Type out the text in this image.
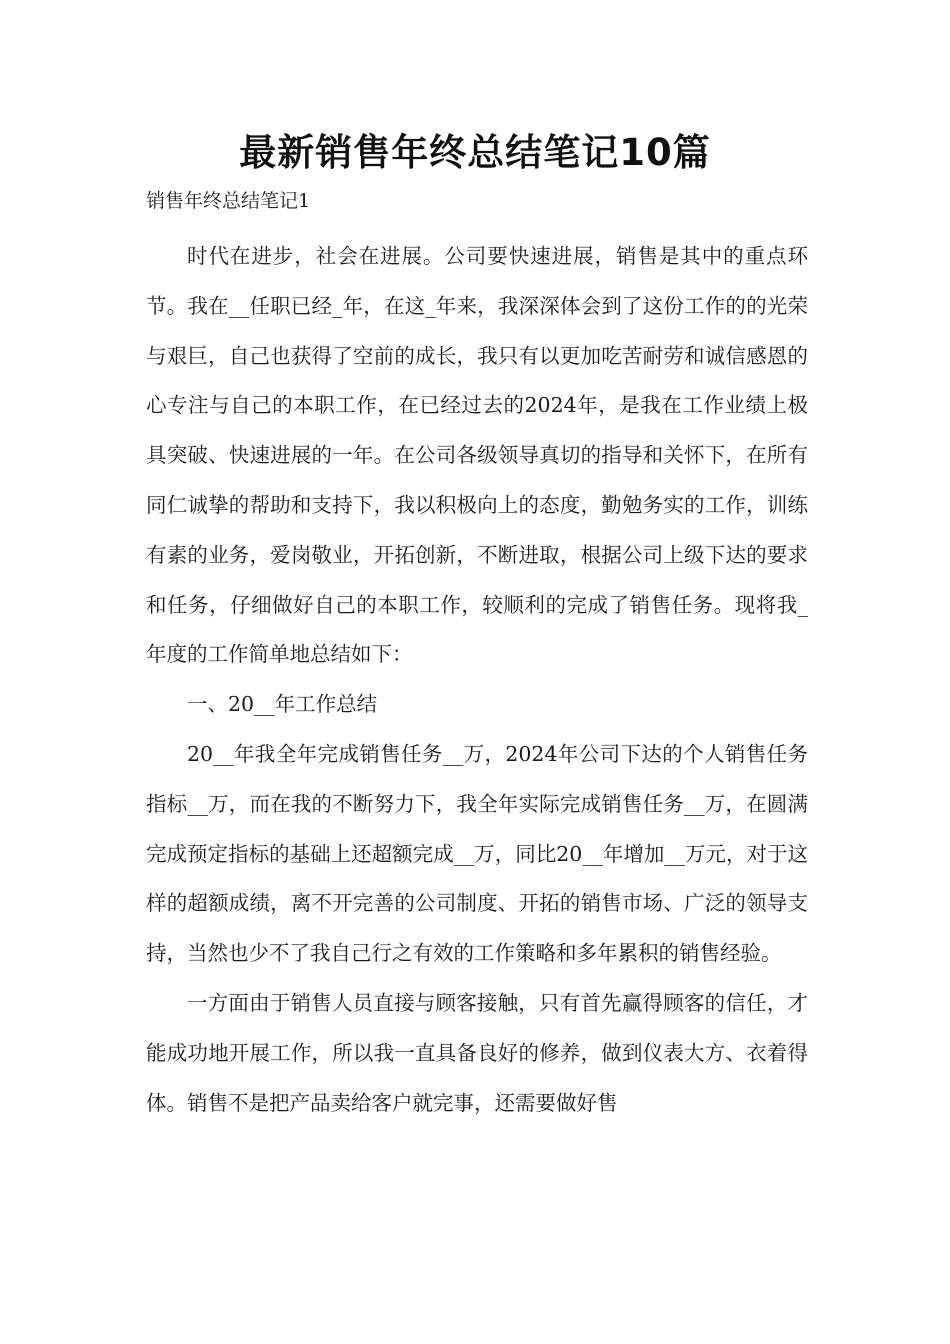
最新销售年终总结笔记10篇
销售年终总结笔记1

时代在进步，社会在进展。公司要快速进展，销售是其中的重点环节。我在__任职已经_年，在这_年来，我深深体会到了这份工作的的光荣与艰巨，自己也获得了空前的成长，我只有以更加吃苦耐劳和诚信感恩的心专注与自己的本职工作，在已经过去的2024年，是我在工作业绩上极具突破、快速进展的一年。在公司各级领导真切的指导和关怀下，在所有同仁诚挚的帮助和支持下，我以积极向上的态度，勤勉务实的工作，训练有素的业务，爱岗敬业，开拓创新，不断进取，根据公司上级下达的要求和任务，仔细做好自己的本职工作，较顺利的完成了销售任务。现将我_年度的工作简单地总结如下：

一、20__年工作总结

20__年我全年完成销售任务__万，2024年公司下达的个人销售任务指标__万，而在我的不断努力下，我全年实际完成销售任务__万，在圆满完成预定指标的基础上还超额完成__万，同比20__年增加__万元，对于这样的超额成绩，离不开完善的公司制度、开拓的销售市场、广泛的领导支持，当然也少不了我自己行之有效的工作策略和多年累积的销售经验。

一方面由于销售人员直接与顾客接触，只有首先赢得顾客的信任，才能成功地开展工作，所以我一直具备良好的修养，做到仪表大方、衣着得体。销售不是把产品卖给客户就完事，还需要做好售
